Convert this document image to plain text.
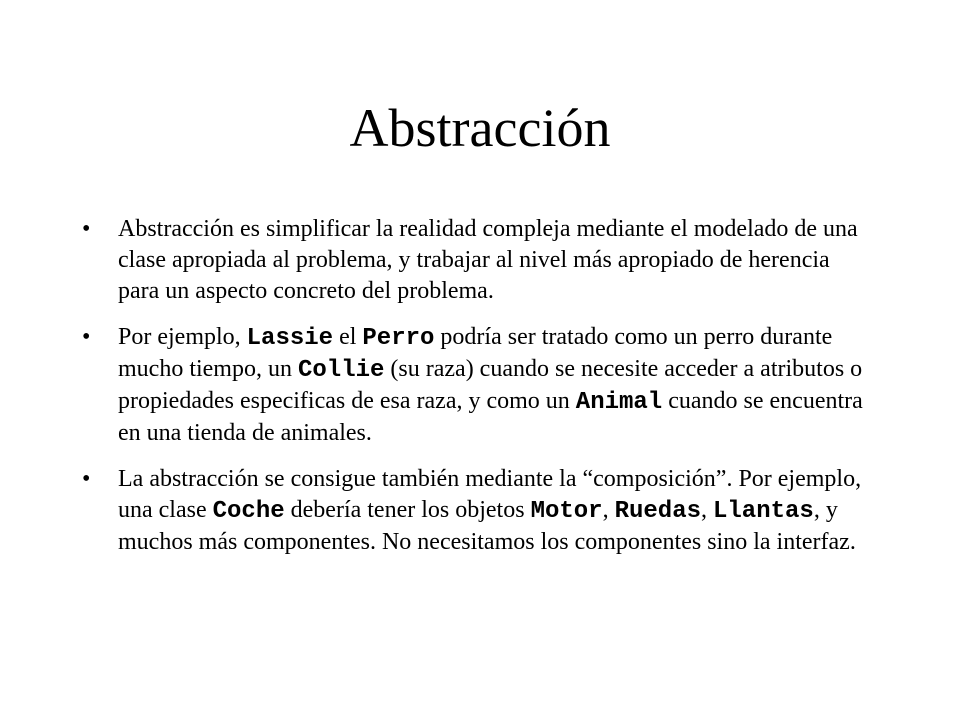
Abstracción
• Abstracción es simplificar la realidad compleja mediante el modelado de una clase apropiada al problema, y trabajar al nivel más apropiado de herencia para un aspecto concreto del problema.
• Por ejemplo, Lassie el Perro podría ser tratado como un perro durante mucho tiempo, un Collie (su raza) cuando se necesite acceder a atributos o propiedades especificas de esa raza, y como un Animal cuando se encuentra en una tienda de animales.
• La abstracción se consigue también mediante la “composición”. Por ejemplo, una clase Coche debería tener los objetos Motor, Ruedas, Llantas, y muchos más componentes. No necesitamos los componentes sino la interfaz.
